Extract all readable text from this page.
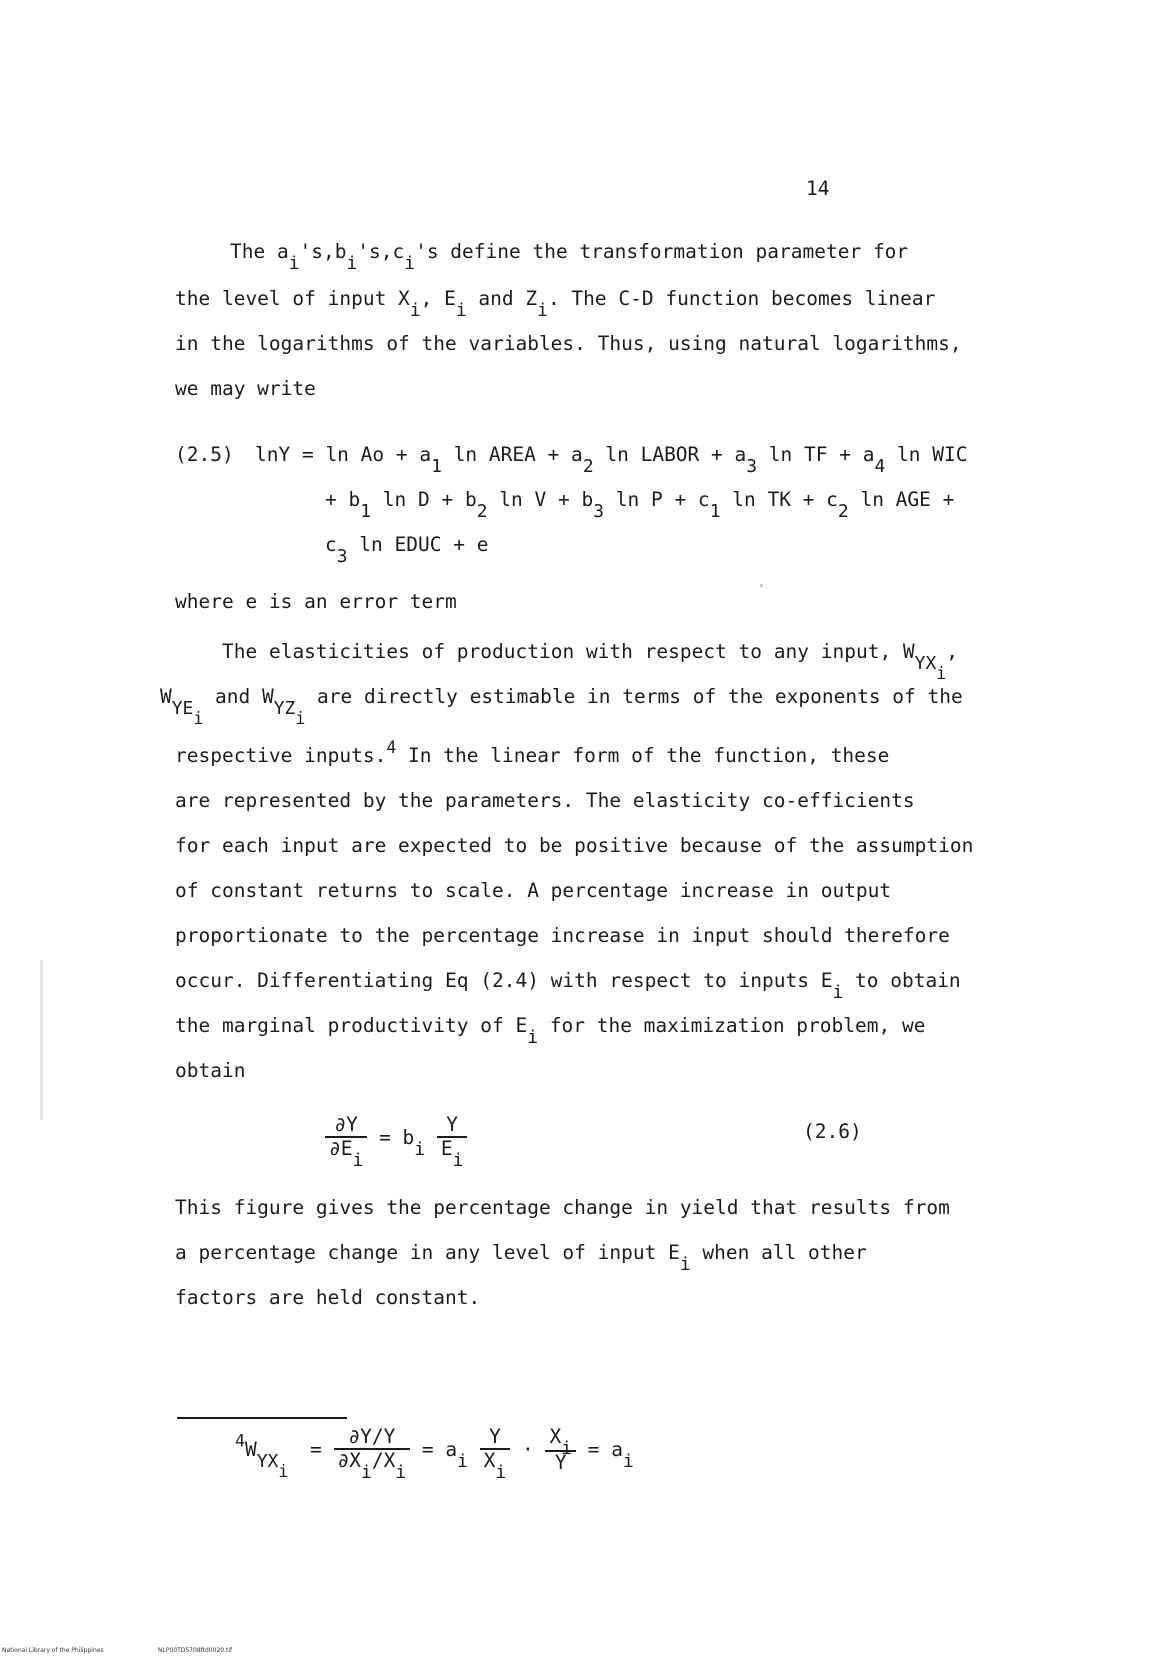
14
The $a_i's,b_i's,c_i's$ define the transformation parameter for
the level of input $X_i$, $E_i$ and $Z_i$. The C-D function becomes linear
in the logarithms of the variables. Thus, using natural logarithms,
we may write
(2.5) $\ln Y = \ln Ao + a_1$ ln AREA + $a_2$ ln LABOR + $a_3$ ln TF + $a_4$ ln WIC
+ $b_1$ $\ln D + b_2$ $\ln V + b_3$ $\ln P + c_1$ ln TK + $c_2$ ln AGE +
$c_3$ ln EDUC + e
where e is an error term
The elasticities of production with respect to any input, $W_{YX_i}$,
$W_{YE_i}$ and $W_{YZ_i}$ are directly estimable in terms of the exponents of the
respective inputs.$^4$ In the linear form of the function, these
are represented by the parameters. The elasticity co-efficients
for each input are expected to be positive because of the assumption
of constant returns to scale. A percentage increase in output
proportionate to the percentage increase in input should therefore
occur. Differentiating Eq (2.4) with respect to inputs $E_i$ to obtain
the marginal productivity of $E_i$ for the maximization problem, we
obtain
$\frac{\partial Y}{\partial E_i} = b_i \frac{Y}{E_i}$	(2.6)
This figure gives the percentage change in yield that results from
a percentage change in any level of input $E_i$ when all other
factors are held constant.
$^4W_{YX_i} = \frac{\partial Y/Y}{\partial X_i/X_i} = a_i \frac{Y}{X_i} \cdot \frac{X_i}{Y} = a_i$
National Library of the Philippines	NLP00TD5708ftd0020.tif
